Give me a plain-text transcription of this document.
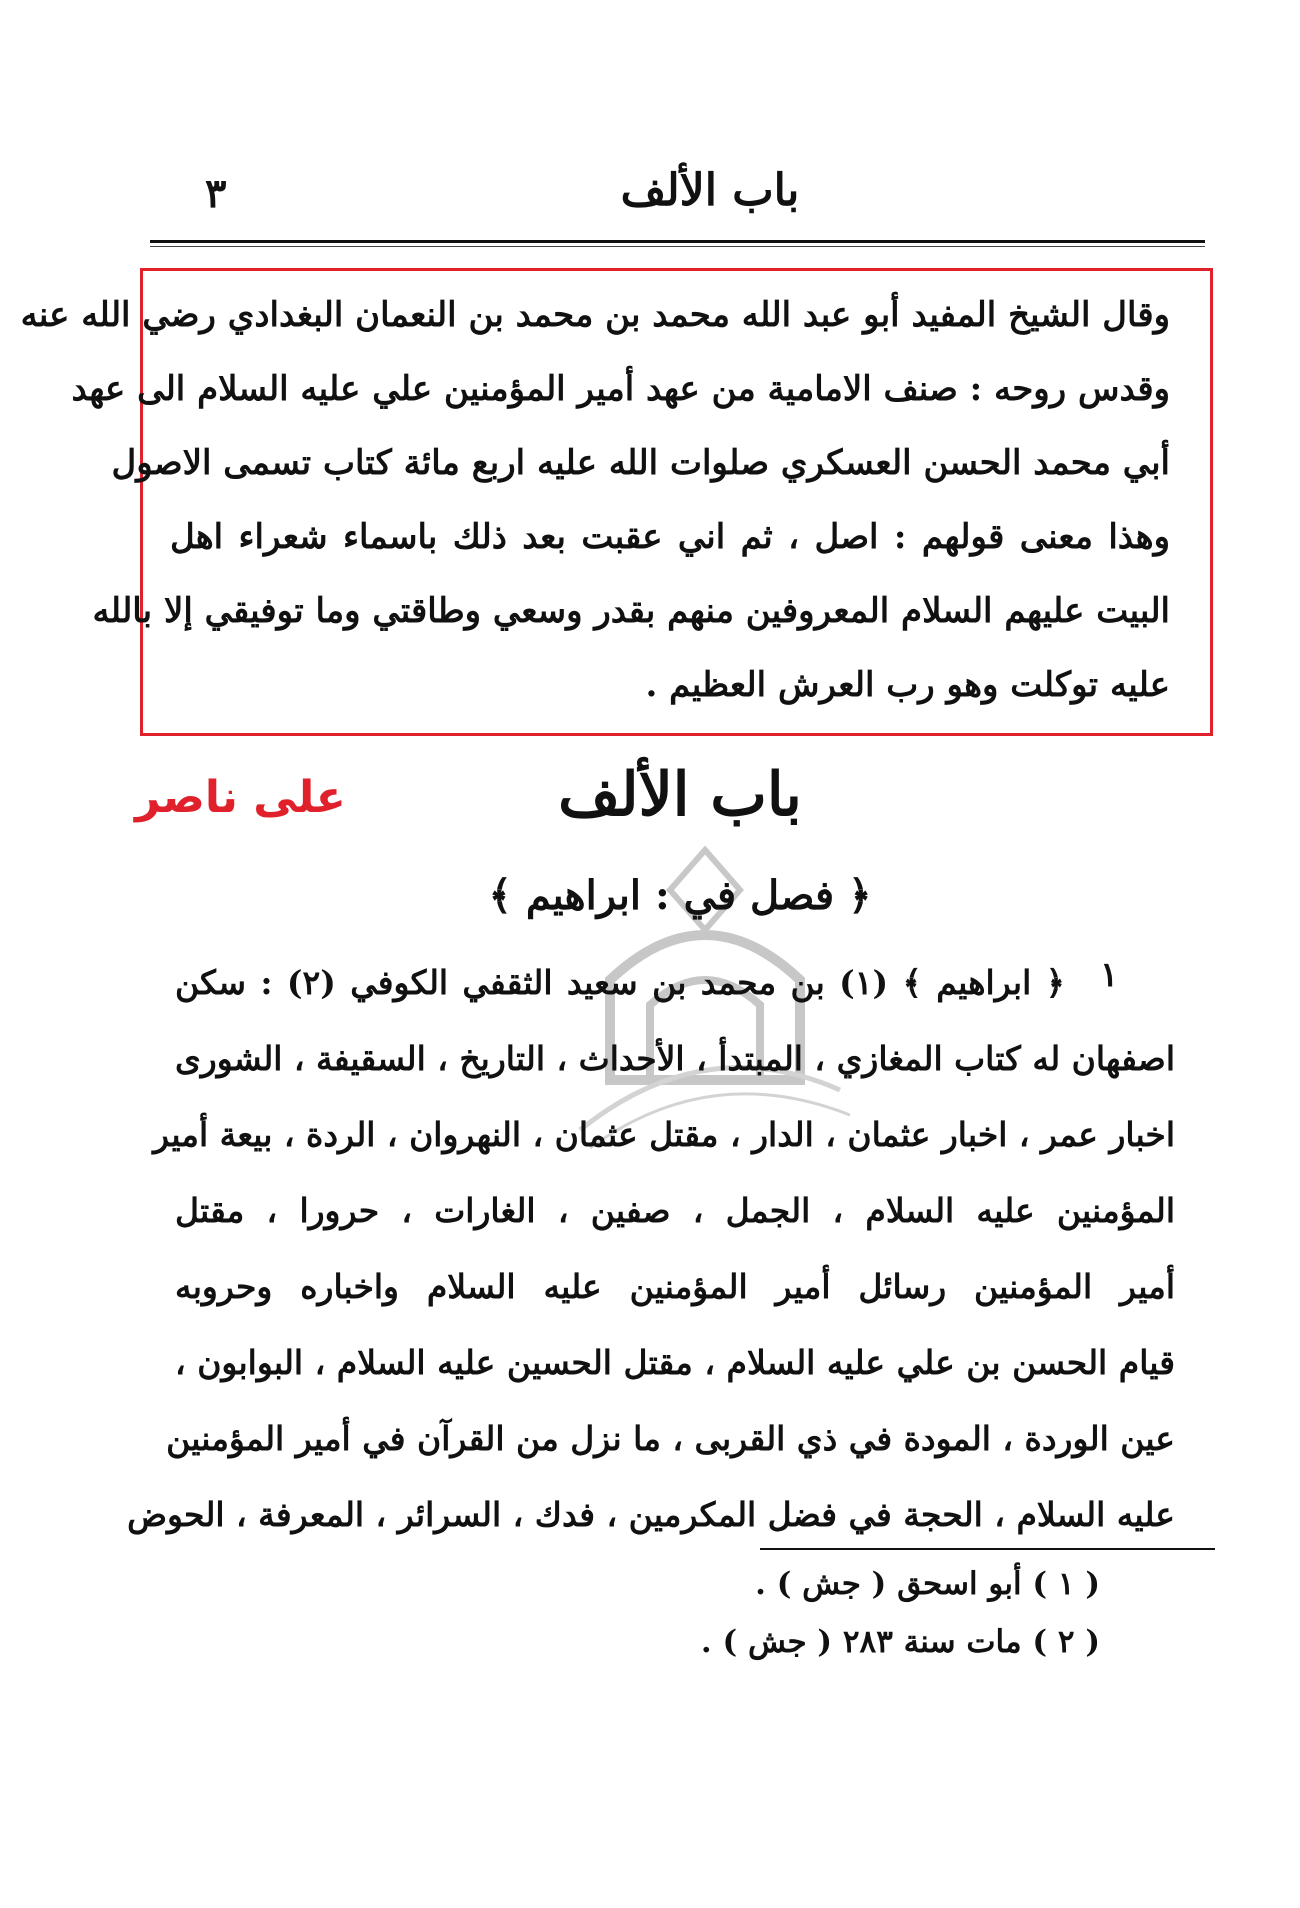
باب الألف
٣
وقال الشيخ المفيد أبو عبد الله محمد بن محمد بن النعمان البغدادي رضي الله عنه
وقدس روحه : صنف الامامية من عهد أمير المؤمنين علي عليه السلام الى عهد
أبي محمد الحسن العسكري صلوات الله عليه اربع مائة كتاب تسمى الاصول
وهذا معنى قولهم : اصل ، ثم اني عقبت بعد ذلك باسماء شعراء اهل
البيت عليهم السلام المعروفين منهم بقدر وسعي وطاقتي وما توفيقي إلا بالله
عليه توكلت وهو رب العرش العظيم .
على ناصر	باب الألف
﴿ فصل في : ابراهيم ﴾
١
﴿ ابراهيم ﴾ (١) بن محمد بن سعيد الثقفي الكوفي (٢) : سكن
اصفهان له كتاب المغازي ، المبتدأ ، الأحداث ، التاريخ ، السقيفة ، الشورى
اخبار عمر ، اخبار عثمان ، الدار ، مقتل عثمان ، النهروان ، الردة ، بيعة أمير
المؤمنين عليه السلام ، الجمل ، صفين ، الغارات ، حرورا ، مقتل
أمير المؤمنين رسائل أمير المؤمنين عليه السلام واخباره وحروبه
قيام الحسن بن علي عليه السلام ، مقتل الحسين عليه السلام ، البوابون ،
عين الوردة ، المودة في ذي القربى ، ما نزل من القرآن في أمير المؤمنين
عليه السلام ، الحجة في فضل المكرمين ، فدك ، السرائر ، المعرفة ، الحوض
( ١ ) أبو اسحق ( جش ) .
( ٢ ) مات سنة ٢٨٣ ( جش ) .
